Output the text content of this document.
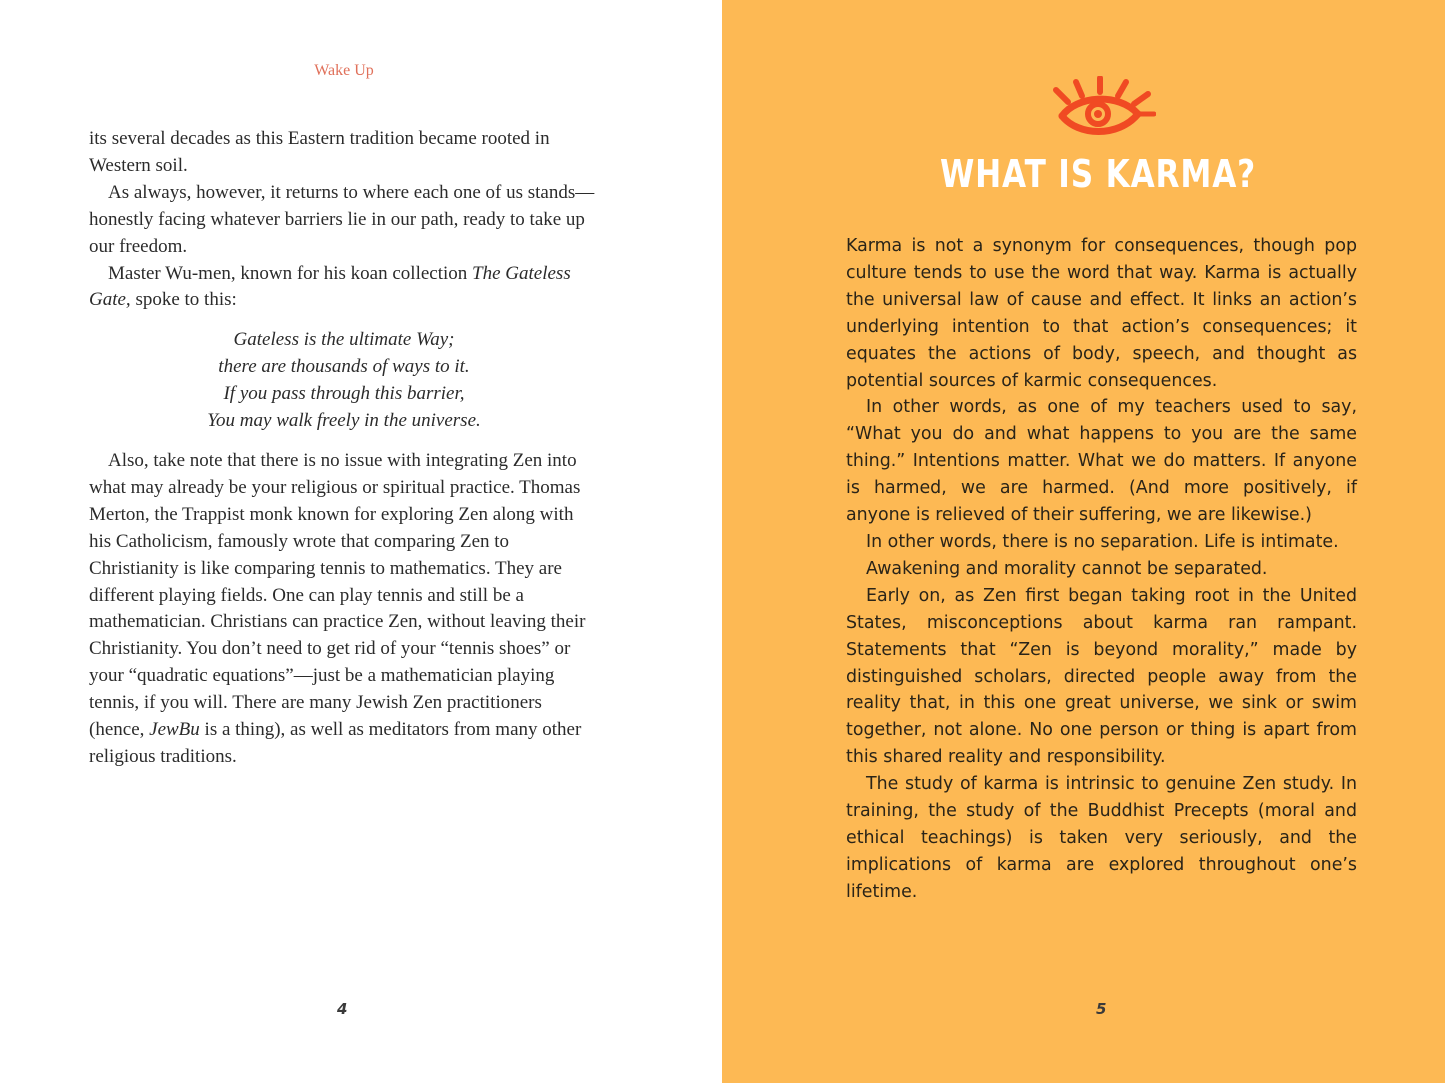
Wake Up

its several decades as this Eastern tradition became rooted in Western soil.

As always, however, it returns to where each one of us stands—honestly facing whatever barriers lie in our path, ready to take up our freedom.

Master Wu-men, known for his koan collection The Gateless Gate, spoke to this:

Gateless is the ultimate Way;
there are thousands of ways to it.
If you pass through this barrier,
You may walk freely in the universe.

Also, take note that there is no issue with integrating Zen into what may already be your religious or spiritual practice. Thomas Merton, the Trappist monk known for exploring Zen along with his Catholicism, famously wrote that comparing Zen to Christianity is like comparing tennis to mathematics. They are different playing fields. One can play tennis and still be a mathematician. Christians can practice Zen, without leaving their Christianity. You don’t need to get rid of your “tennis shoes” or your “quadratic equations”—just be a mathematician playing tennis, if you will. There are many Jewish Zen practitioners (hence, JewBu is a thing), as well as meditators from many other religious traditions.

4
WHAT IS KARMA?

Karma is not a synonym for consequences, though pop culture tends to use the word that way. Karma is actually the universal law of cause and effect. It links an action’s underlying intention to that action’s consequences; it equates the actions of body, speech, and thought as potential sources of karmic consequences.

In other words, as one of my teachers used to say, “What you do and what happens to you are the same thing.” Intentions matter. What we do matters. If anyone is harmed, we are harmed. (And more positively, if anyone is relieved of their suffering, we are likewise.)

In other words, there is no separation. Life is intimate.

Awakening and morality cannot be separated.

Early on, as Zen first began taking root in the United States, misconceptions about karma ran rampant. Statements that “Zen is beyond morality,” made by distinguished scholars, directed people away from the reality that, in this one great universe, we sink or swim together, not alone. No one person or thing is apart from this shared reality and responsibility.

The study of karma is intrinsic to genuine Zen study. In training, the study of the Buddhist Precepts (moral and ethical teachings) is taken very seriously, and the implications of karma are explored throughout one’s lifetime.

5
